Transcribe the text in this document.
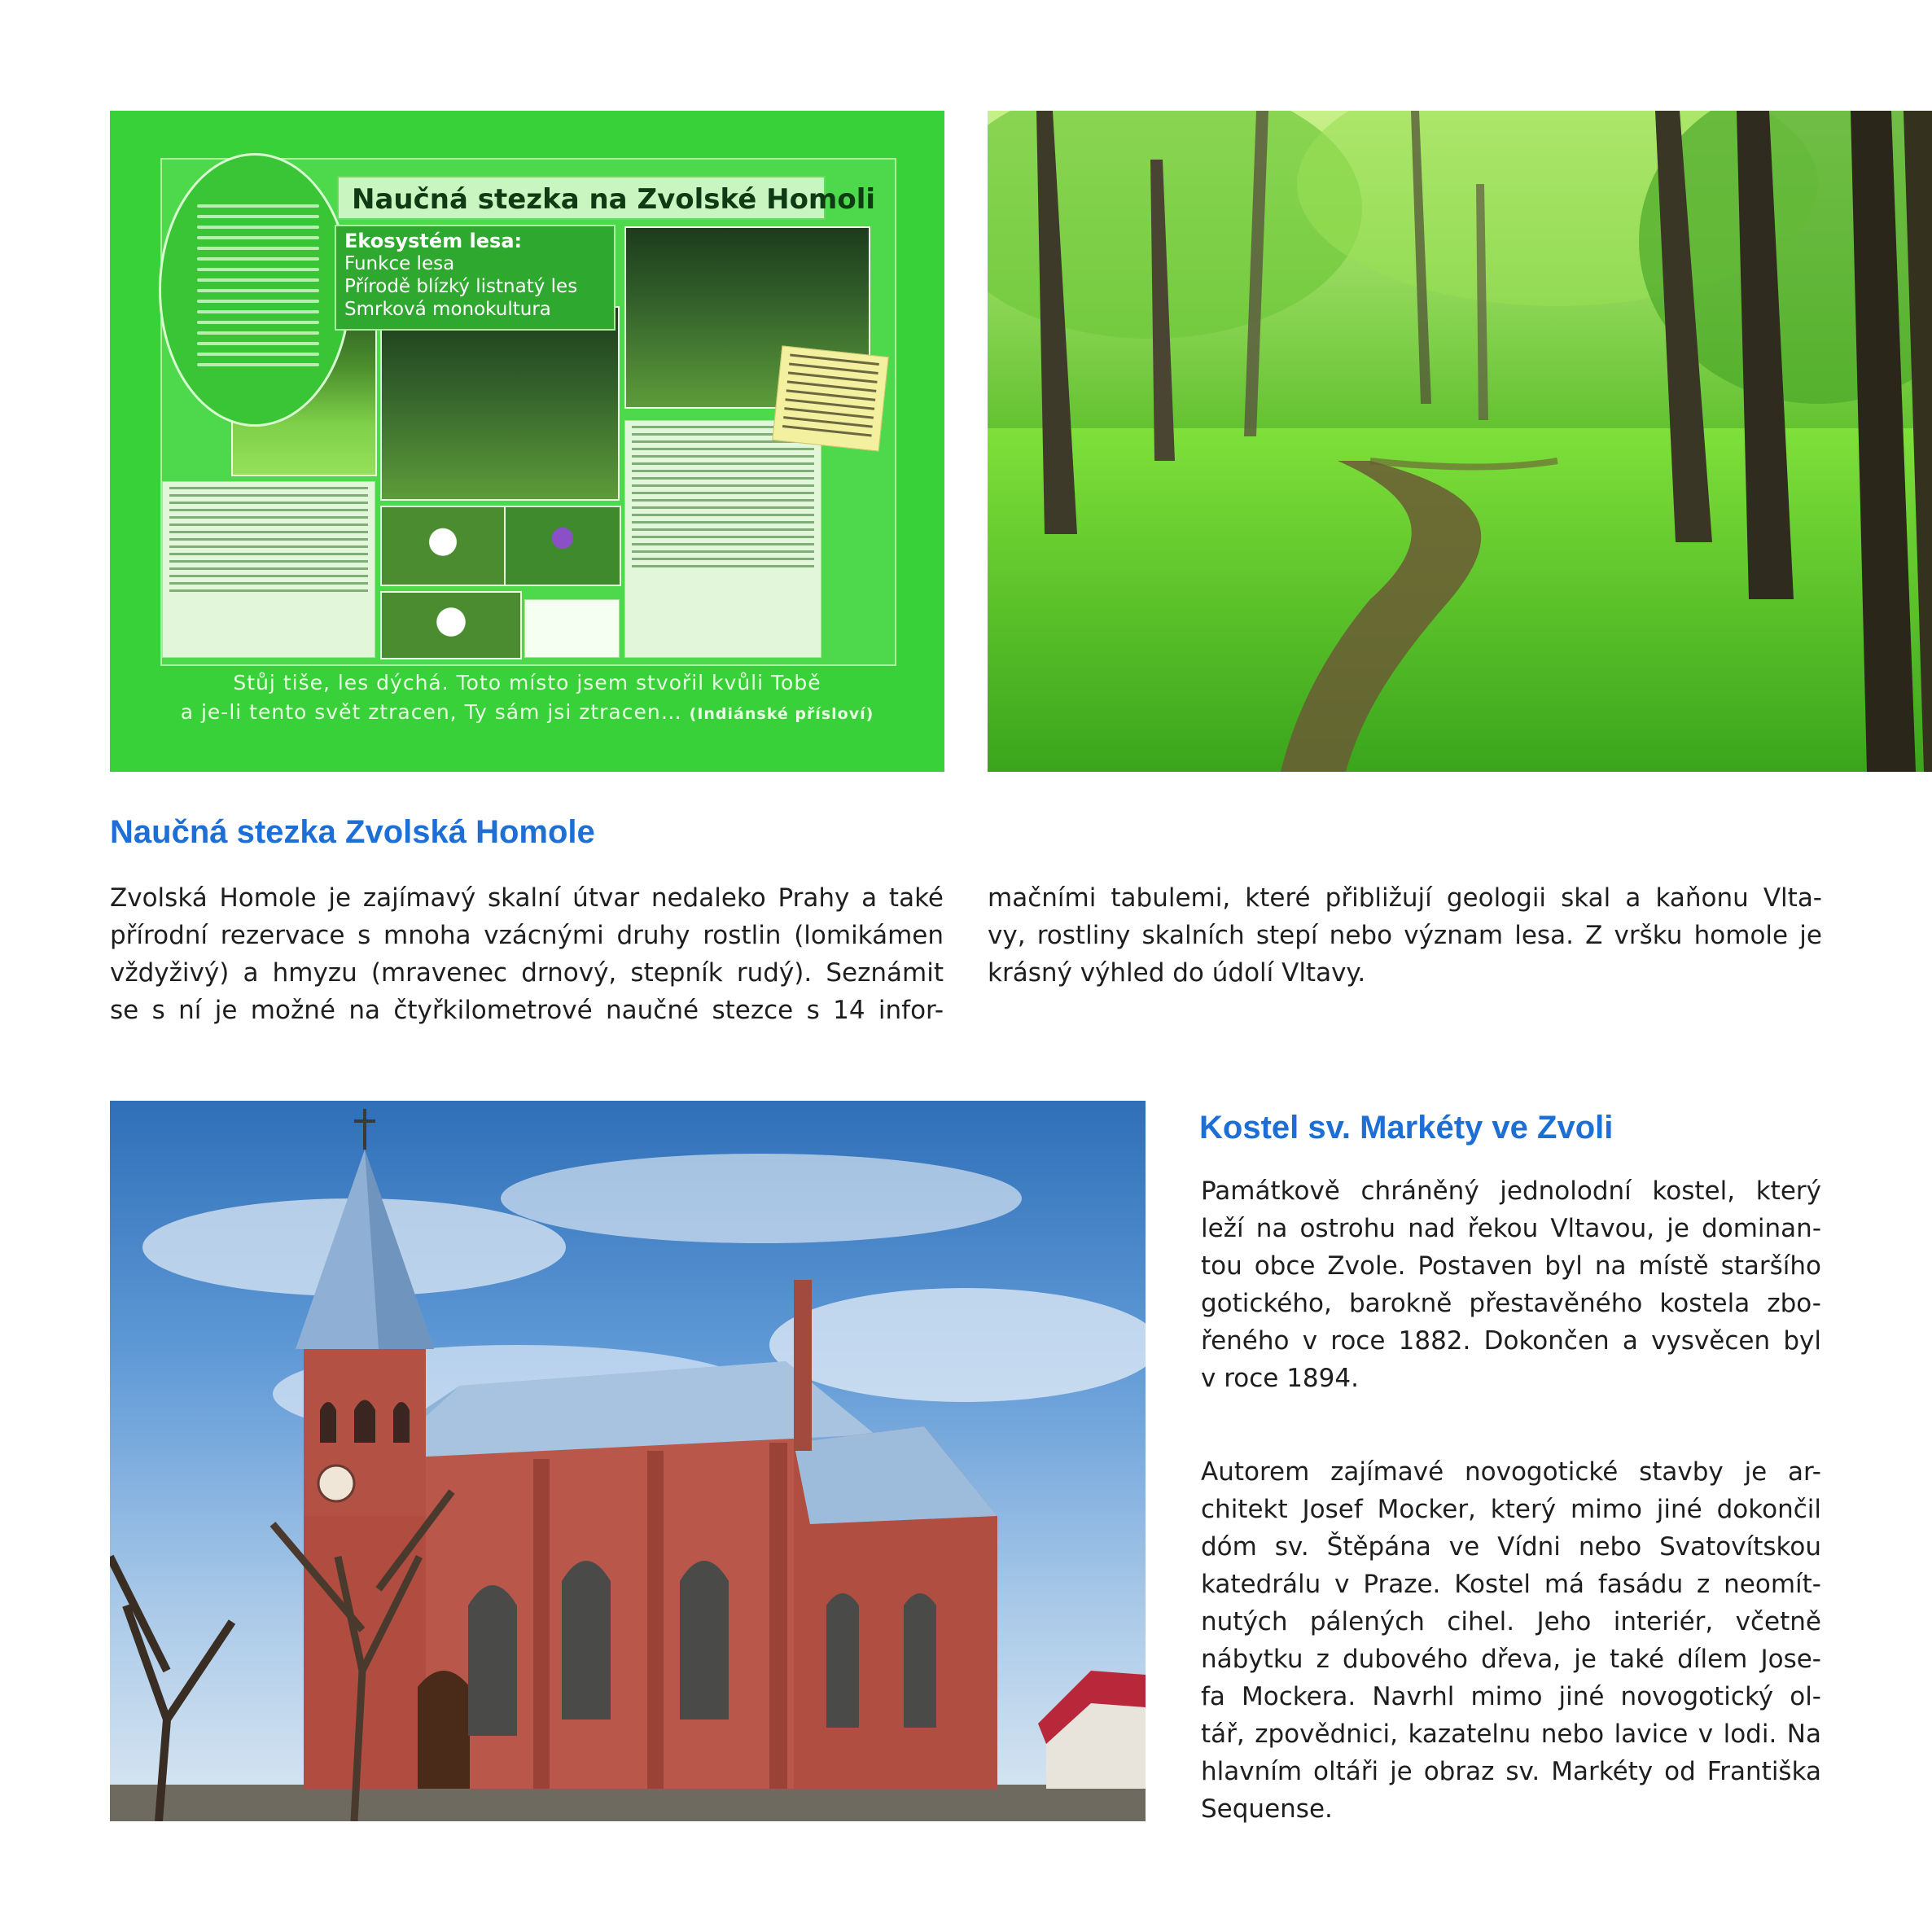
Naučná stezka na Zvolské Homoli
Ekosystém lesa:
Funkce lesa
Přírodě blízký listnatý les
Smrková monokultura
Stůj tiše, les dýchá. Toto místo jsem stvořil kvůli Tobě
a je-li tento svět ztracen, Ty sám jsi ztracen… (Indiánské přísloví)
Naučná stezka Zvolská Homole
Zvolská Homole je zajímavý skalní útvar nedaleko Prahy a také
přírodní rezervace s mnoha vzácnými druhy rostlin (lomikámen
vždyživý) a hmyzu (mravenec drnový, stepník rudý). Seznámit
se s ní je možné na čtyřkilometrové naučné stezce s 14 infor-
mačními tabulemi, které přibližují geologii skal a kaňonu Vlta-
vy, rostliny skalních stepí nebo význam lesa. Z vršku homole je
krásný výhled do údolí Vltavy.
Kostel sv. Markéty ve Zvoli
Památkově chráněný jednolodní kostel, který
leží na ostrohu nad řekou Vltavou, je dominan-
tou obce Zvole. Postaven byl na místě staršího
gotického, barokně přestavěného kostela zbo-
řeného v roce 1882. Dokončen a vysvěcen byl
v roce 1894.
Autorem zajímavé novogotické stavby je ar-
chitekt Josef Mocker, který mimo jiné dokončil
dóm sv. Štěpána ve Vídni nebo Svatovítskou
katedrálu v Praze. Kostel má fasádu z neomít-
nutých pálených cihel. Jeho interiér, včetně
nábytku z dubového dřeva, je také dílem Jose-
fa Mockera. Navrhl mimo jiné novogotický ol-
tář, zpovědnici, kazatelnu nebo lavice v lodi. Na
hlavním oltáři je obraz sv. Markéty od Františka
Sequense.
